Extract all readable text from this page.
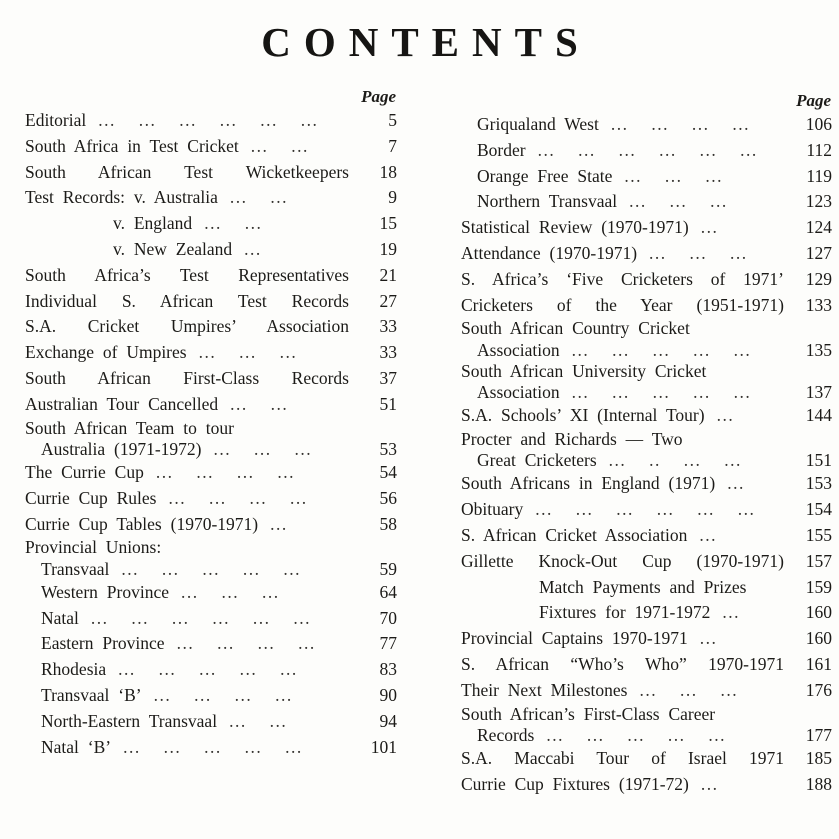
CONTENTS
Page
Editorial ... ... ... ... ... ...	5
South Africa in Test Cricket ... ...	7
South African Test Wicketkeepers	18
Test Records: v. Australia ... ...	9
v. England ... ...	15
v. New Zealand ...	19
South Africa’s Test Representatives	21
Individual S. African Test Records	27
S.A. Cricket Umpires’ Association	33
Exchange of Umpires ... ... ...	33
South African First-Class Records	37
Australian Tour Cancelled ... ...	51
South African Team to tour
Australia (1971-1972) ... ... ...	53
The Currie Cup ... ... ... ...	54
Currie Cup Rules ... ... ... ...	56
Currie Cup Tables (1970-1971) ...	58
Provincial Unions:
Transvaal ... ... ... ... ...	59
Western Province ... ... ...	64
Natal ... ... ... ... ... ...	70
Eastern Province ... ... ... ...	77
Rhodesia ... ... ... ... ...	83
Transvaal ‘B’ ... ... ... ...	90
North-Eastern Transvaal ... ...	94
Natal ‘B’ ... ... ... ... ...	101
Page
Griqualand West ... ... ... ...	106
Border ... ... ... ... ... ...	112
Orange Free State ... ... ...	119
Northern Transvaal ... ... ...	123
Statistical Review (1970-1971) ...	124
Attendance (1970-1971) ... ... ...	127
S. Africa’s ‘Five Cricketers of 1971’	129
Cricketers of the Year (1951-1971)	133
South African Country Cricket
Association ... ... ... ... ...	135
South African University Cricket
Association ... ... ... ... ...	137
S.A. Schools’ XI (Internal Tour) ...	144
Procter and Richards — Two
Great Cricketers ... .. ... ...	151
South Africans in England (1971) ...	153
Obituary ... ... ... ... ... ...	154
S. African Cricket Association ...	155
Gillette Knock-Out Cup (1970-1971)	157
Match Payments and Prizes	159
Fixtures for 1971-1972 ...	160
Provincial Captains 1970-1971 ...	160
S. African “Who’s Who” 1970-1971	161
Their Next Milestones ... ... ...	176
South African’s First-Class Career
Records ... ... ... ... ...	177
S.A. Maccabi Tour of Israel 1971	185
Currie Cup Fixtures (1971-72) ...	188
